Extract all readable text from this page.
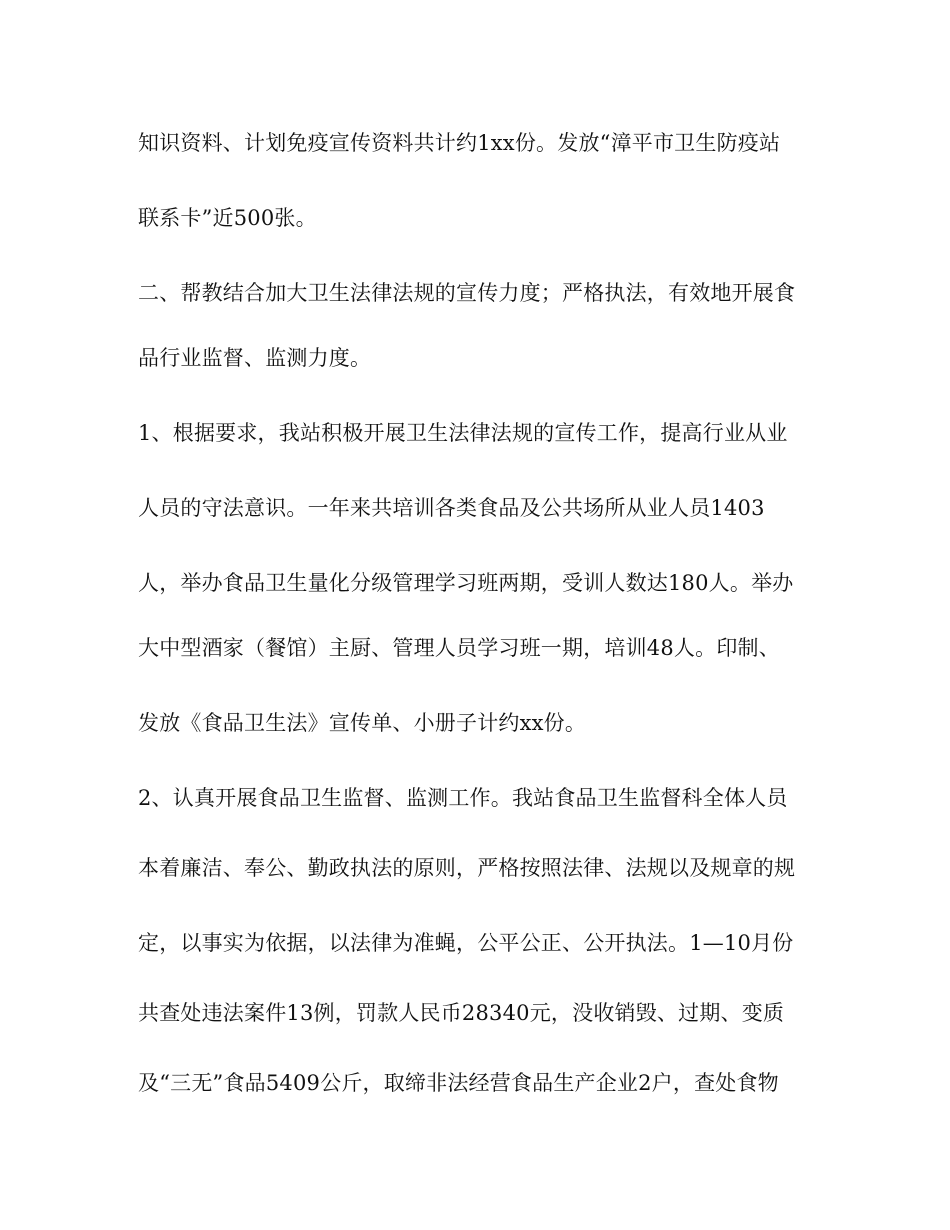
知识资料、计划免疫宣传资料共计约1xx份。发放“漳平市卫生防疫站
联系卡”近500张。
二、帮教结合加大卫生法律法规的宣传力度；严格执法，有效地开展食
品行业监督、监测力度。
1、根据要求，我站积极开展卫生法律法规的宣传工作，提高行业从业
人员的守法意识。一年来共培训各类食品及公共场所从业人员1403
人，举办食品卫生量化分级管理学习班两期，受训人数达180人。举办
大中型酒家（餐馆）主厨、管理人员学习班一期，培训48人。印制、
发放《食品卫生法》宣传单、小册子计约xx份。
2、认真开展食品卫生监督、监测工作。我站食品卫生监督科全体人员
本着廉洁、奉公、勤政执法的原则，严格按照法律、法规以及规章的规
定，以事实为依据，以法律为准蝇，公平公正、公开执法。1—10月份
共查处违法案件13例，罚款人民币28340元，没收销毁、过期、变质
及“三无”食品5409公斤，取缔非法经营食品生产企业2户，查处食物
